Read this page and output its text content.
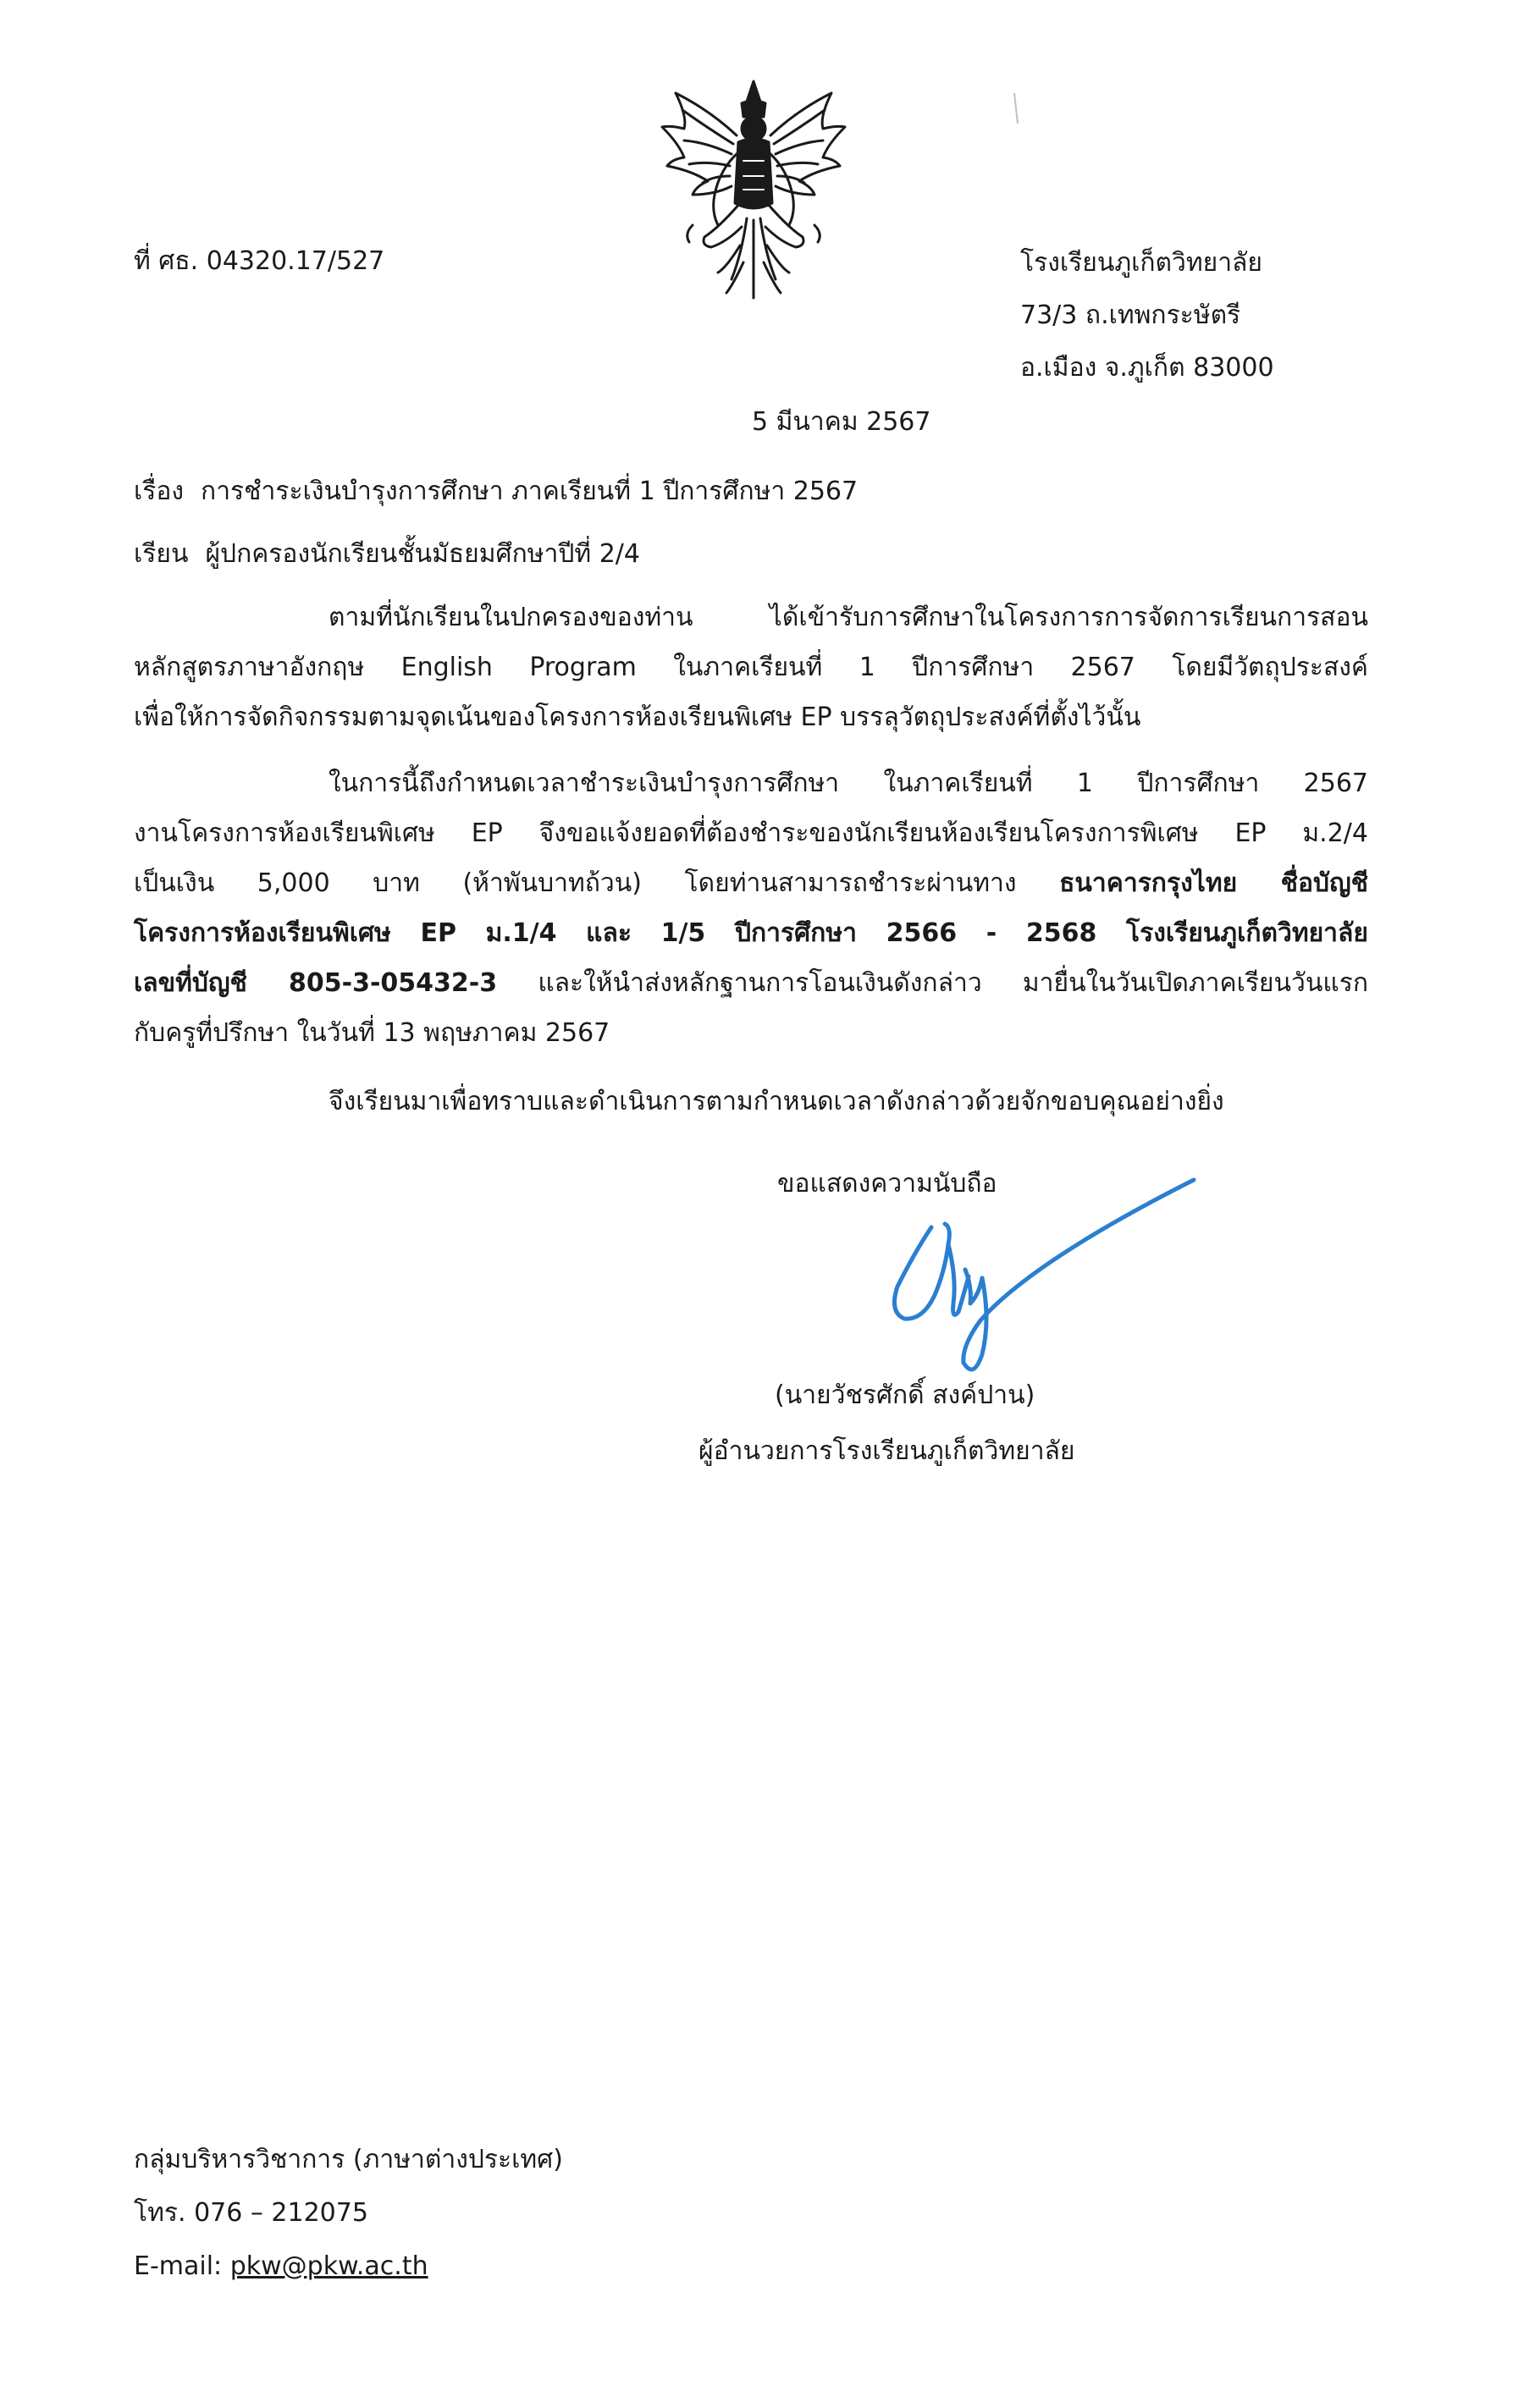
ที่ ศธ. 04320.17/527	โรงเรียนภูเก็ตวิทยาลัย
73/3 ถ.เทพกระษัตรี
อ.เมือง จ.ภูเก็ต 83000
5 มีนาคม 2567
เรื่อง การชำระเงินบำรุงการศึกษา ภาคเรียนที่ 1 ปีการศึกษา 2567
เรียน ผู้ปกครองนักเรียนชั้นมัธยมศึกษาปีที่ 2/4
ตามที่นักเรียนในปกครองของท่าน ได้เข้ารับการศึกษาในโครงการการจัดการเรียนการสอน
หลักสูตรภาษาอังกฤษ English Program ในภาคเรียนที่ 1 ปีการศึกษา 2567 โดยมีวัตถุประสงค์
เพื่อให้การจัดกิจกรรมตามจุดเน้นของโครงการห้องเรียนพิเศษ EP บรรลุวัตถุประสงค์ที่ตั้งไว้นั้น
ในการนี้ถึงกำหนดเวลาชำระเงินบำรุงการศึกษา ในภาคเรียนที่ 1 ปีการศึกษา 2567
งานโครงการห้องเรียนพิเศษ EP จึงขอแจ้งยอดที่ต้องชำระของนักเรียนห้องเรียนโครงการพิเศษ EP ม.2/4
เป็นเงิน 5,000 บาท (ห้าพันบาทถ้วน) โดยท่านสามารถชำระผ่านทาง ธนาคารกรุงไทย ชื่อบัญชี
โครงการห้องเรียนพิเศษ EP ม.1/4 และ 1/5 ปีการศึกษา 2566 - 2568 โรงเรียนภูเก็ตวิทยาลัย
เลขที่บัญชี 805-3-05432-3 และให้นำส่งหลักฐานการโอนเงินดังกล่าว มายื่นในวันเปิดภาคเรียนวันแรก
กับครูที่ปรึกษา ในวันที่ 13 พฤษภาคม 2567
จึงเรียนมาเพื่อทราบและดำเนินการตามกำหนดเวลาดังกล่าวด้วยจักขอบคุณอย่างยิ่ง
ขอแสดงความนับถือ
(นายวัชรศักดิ์ สงค์ปาน)
ผู้อำนวยการโรงเรียนภูเก็ตวิทยาลัย
กลุ่มบริหารวิชาการ (ภาษาต่างประเทศ)
โทร. 076 – 212075
E-mail: pkw@pkw.ac.th
